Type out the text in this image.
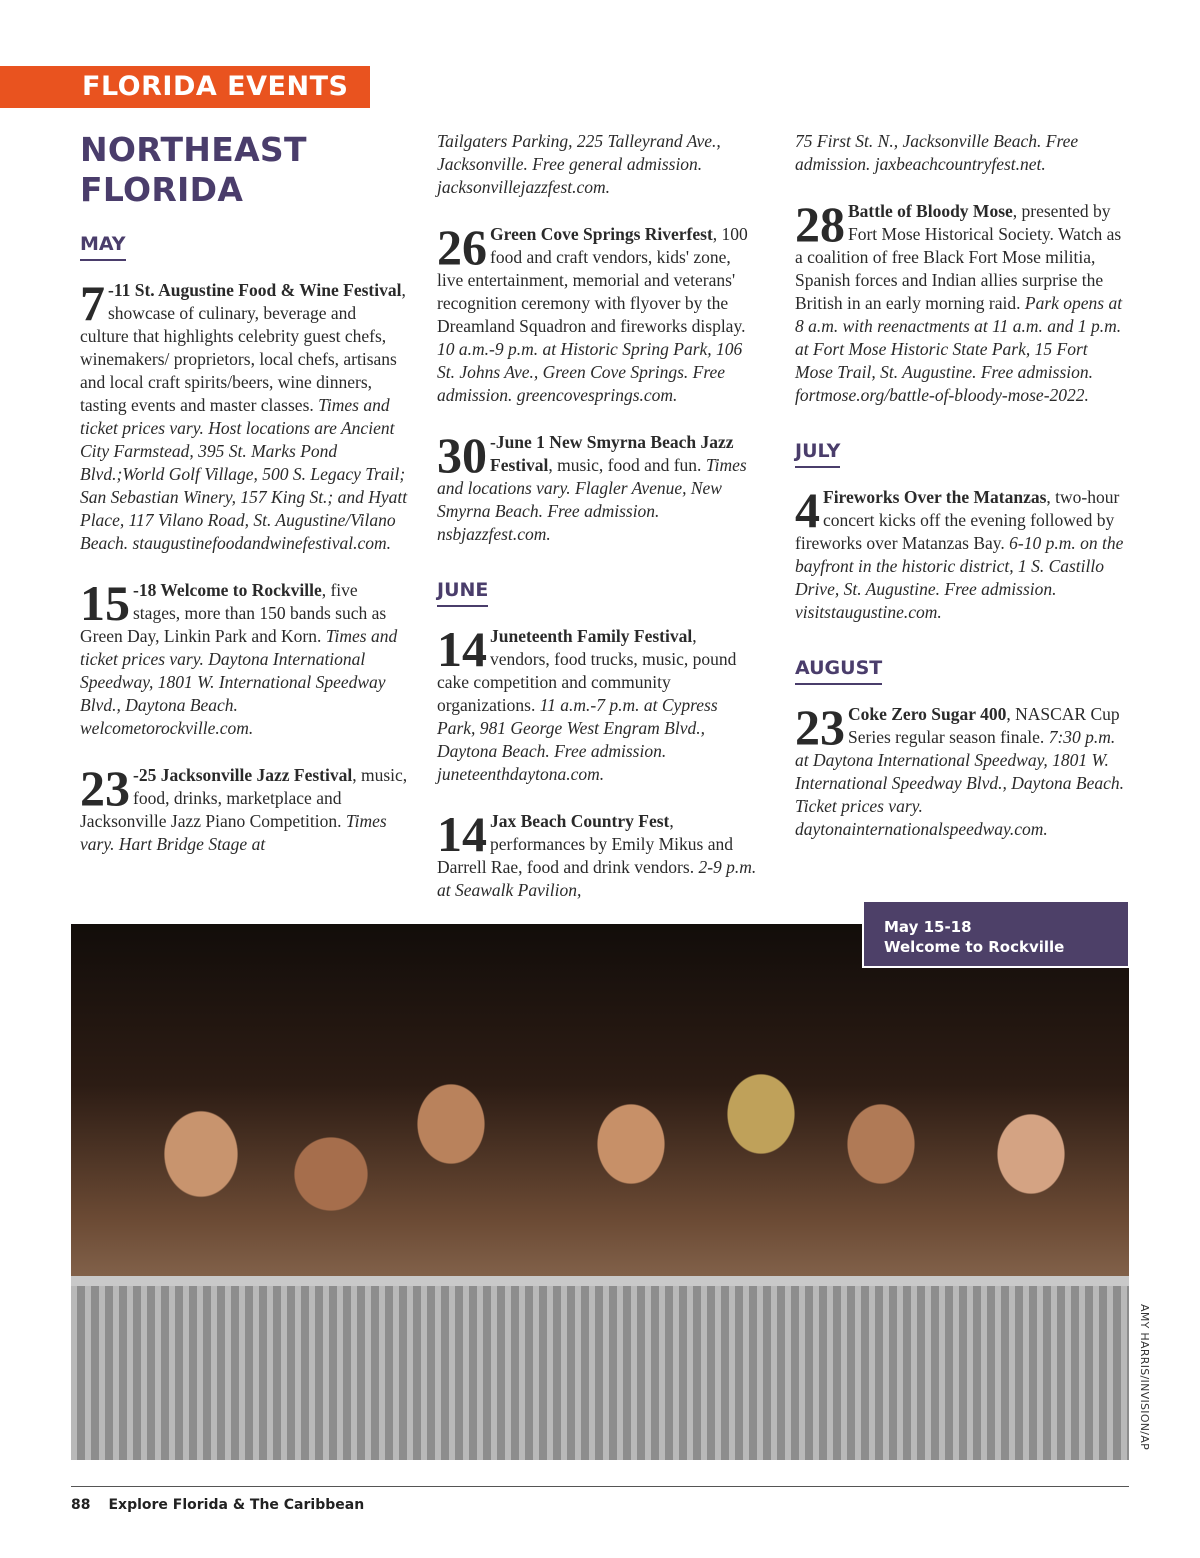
FLORIDA EVENTS
NORTHEAST
FLORIDA
MAY
7 -11 St. Augustine Food & Wine Festival, showcase of culinary, beverage and culture that highlights celebrity guest chefs, winemakers/ proprietors, local chefs, artisans and local craft spirits/beers, wine dinners, tasting events and master classes. Times and ticket prices vary. Host locations are Ancient City Farmstead, 395 St. Marks Pond Blvd.;World Golf Village, 500 S. Legacy Trail; San Sebastian Winery, 157 King St.; and Hyatt Place, 117 Vilano Road, St. Augustine/Vilano Beach. staugustinefoodandwinefestival.com.
15 -18 Welcome to Rockville, five stages, more than 150 bands such as Green Day, Linkin Park and Korn. Times and ticket prices vary. Daytona International Speedway, 1801 W. International Speedway Blvd., Daytona Beach. welcometorockville.com.
23 -25 Jacksonville Jazz Festival, music, food, drinks, marketplace and Jacksonville Jazz Piano Competition. Times vary. Hart Bridge Stage at
Tailgaters Parking, 225 Talleyrand Ave., Jacksonville. Free general admission. jacksonvillejazzfest.com.
26 Green Cove Springs Riverfest, 100 food and craft vendors, kids' zone, live entertainment, memorial and veterans' recognition ceremony with flyover by the Dreamland Squadron and fireworks display. 10 a.m.-9 p.m. at Historic Spring Park, 106 St. Johns Ave., Green Cove Springs. Free admission. greencovesprings.com.
30 -June 1 New Smyrna Beach Jazz Festival, music, food and fun. Times and locations vary. Flagler Avenue, New Smyrna Beach. Free admission. nsbjazzfest.com.
JUNE
14 Juneteenth Family Festival, vendors, food trucks, music, pound cake competition and community organizations. 11 a.m.-7 p.m. at Cypress Park, 981 George West Engram Blvd., Daytona Beach. Free admission. juneteenthdaytona.com.
14 Jax Beach Country Fest, performances by Emily Mikus and Darrell Rae, food and drink vendors. 2-9 p.m. at Seawalk Pavilion,
75 First St. N., Jacksonville Beach. Free admission. jaxbeachcountryfest.net.
28 Battle of Bloody Mose, presented by Fort Mose Historical Society. Watch as a coalition of free Black Fort Mose militia, Spanish forces and Indian allies surprise the British in an early morning raid. Park opens at 8 a.m. with reenactments at 11 a.m. and 1 p.m. at Fort Mose Historic State Park, 15 Fort Mose Trail, St. Augustine. Free admission. fortmose.org/battle-of-bloody-mose-2022.
JULY
4 Fireworks Over the Matanzas, two-hour concert kicks off the evening followed by fireworks over Matanzas Bay. 6-10 p.m. on the bayfront in the historic district, 1 S. Castillo Drive, St. Augustine. Free admission. visitstaugustine.com.
AUGUST
23 Coke Zero Sugar 400, NASCAR Cup Series regular season finale. 7:30 p.m. at Daytona International Speedway, 1801 W. International Speedway Blvd., Daytona Beach. Ticket prices vary. daytonainternationalspeedway.com.
May 15-18
Welcome to Rockville
AMY HARRIS/INVISION/AP
88 Explore Florida & The Caribbean
